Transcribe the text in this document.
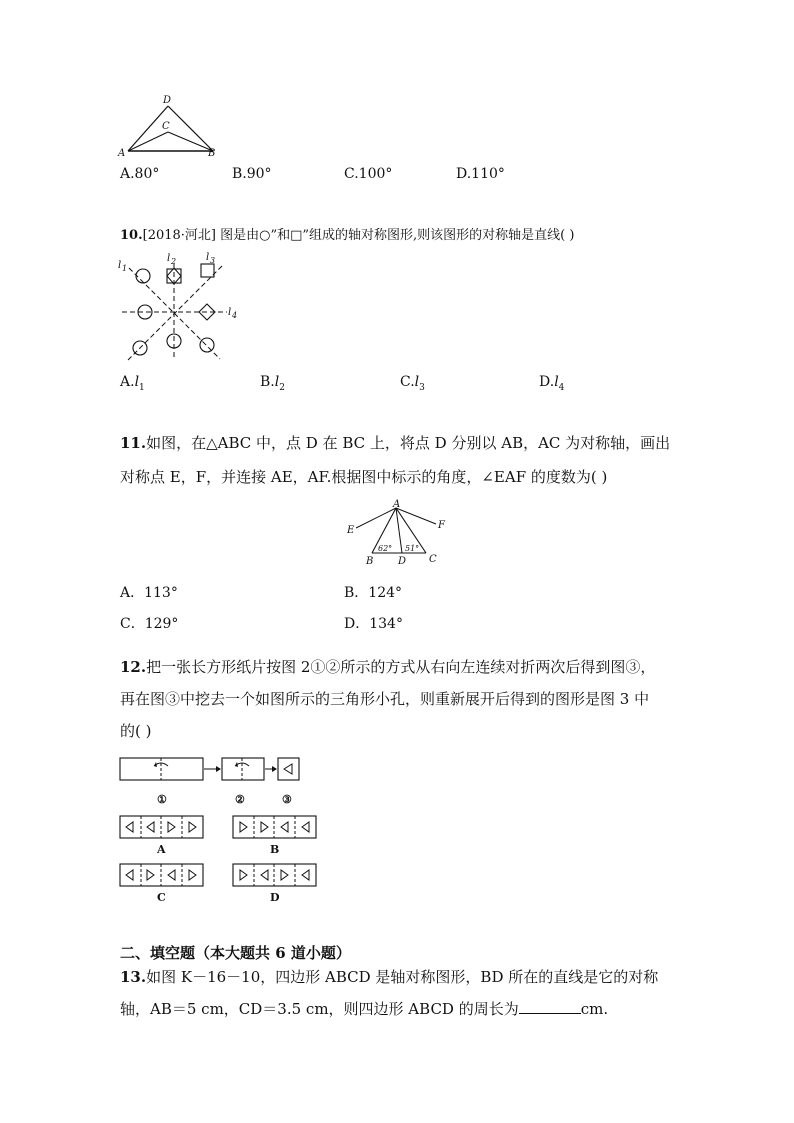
D
C
A	B
A.80°	B.90°	C.100°	D.110°
10.[2018·河北] 图是由○”和□”组成的轴对称图形,则该图形的对称轴是直线( )
l 1
l 2	l 3
l 4
$A.l_1$	$B.l_2$	$C.l_3$	$D.l_4$
11.如图，在△ABC 中，点 D 在 BC 上，将点 D 分别以 AB，AC 为对称轴，画出
对称点 E，F，并连接 AE，AF.根据图中标示的角度，∠EAF 的度数为( )
A
E	F
B D C
62° 51°
A．113°	B．124°
C．129°	D．134°
12.把一张长方形纸片按图 2①②所示的方式从右向左连续对折两次后得到图③，
再在图③中挖去一个如图所示的三角形小孔，则重新展开后得到的图形是图 3 中
的( )
①	②	③
A	B
C	D
二、填空题（本大题共 6 道小题）
13.如图 K－16－10，四边形 ABCD 是轴对称图形，BD 所在的直线是它的对称
轴，AB＝5 cm，CD＝3.5 cm，则四边形 ABCD 的周长为	cm.
